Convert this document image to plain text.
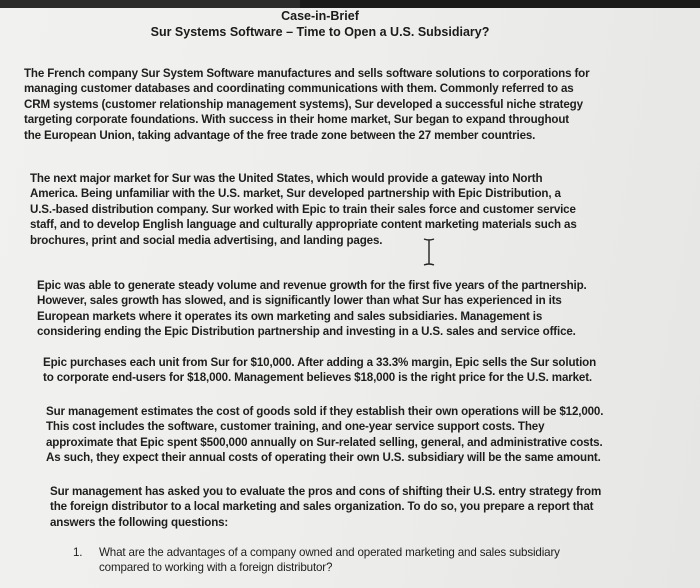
Case-in-Brief
Sur Systems Software – Time to Open a U.S. Subsidiary?
The French company Sur System Software manufactures and sells software solutions to corporations for
managing customer databases and coordinating communications with them. Commonly referred to as
CRM systems (customer relationship management systems), Sur developed a successful niche strategy
targeting corporate foundations. With success in their home market, Sur began to expand throughout
the European Union, taking advantage of the free trade zone between the 27 member countries.
The next major market for Sur was the United States, which would provide a gateway into North
America. Being unfamiliar with the U.S. market, Sur developed partnership with Epic Distribution, a
U.S.-based distribution company. Sur worked with Epic to train their sales force and customer service
staff, and to develop English language and culturally appropriate content marketing materials such as
brochures, print and social media advertising, and landing pages.
Epic was able to generate steady volume and revenue growth for the first five years of the partnership.
However, sales growth has slowed, and is significantly lower than what Sur has experienced in its
European markets where it operates its own marketing and sales subsidiaries. Management is
considering ending the Epic Distribution partnership and investing in a U.S. sales and service office.
Epic purchases each unit from Sur for $10,000. After adding a 33.3% margin, Epic sells the Sur solution
to corporate end-users for $18,000. Management believes $18,000 is the right price for the U.S. market.
Sur management estimates the cost of goods sold if they establish their own operations will be $12,000.
This cost includes the software, customer training, and one-year service support costs. They
approximate that Epic spent $500,000 annually on Sur-related selling, general, and administrative costs.
As such, they expect their annual costs of operating their own U.S. subsidiary will be the same amount.
Sur management has asked you to evaluate the pros and cons of shifting their U.S. entry strategy from
the foreign distributor to a local marketing and sales organization. To do so, you prepare a report that
answers the following questions:
1. What are the advantages of a company owned and operated marketing and sales subsidiary
compared to working with a foreign distributor?
